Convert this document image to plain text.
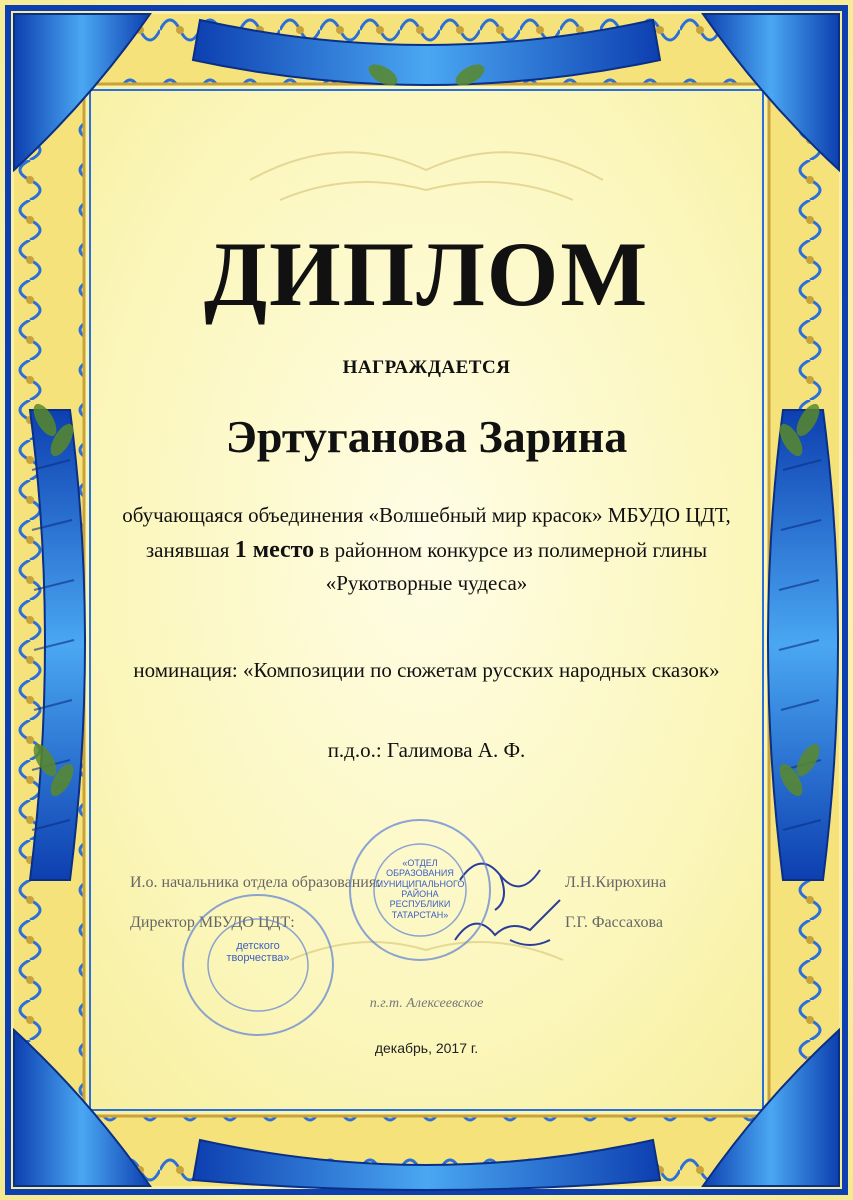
ДИПЛОМ
НАГРАЖДАЕТСЯ
Эртуганова Зарина
обучающаяся объединения «Волшебный мир красок» МБУДО ЦДТ, занявшая 1 место в районном конкурсе из полимерной глины «Рукотворные чудеса»
номинация: «Композиции по сюжетам русских народных сказок»
п.д.о.: Галимова А. Ф.
И.о. начальника отдела образования:	Л.Н.Кирюхина
Директор МБУДО ЦДТ:	Г.Г. Фассахова
детского творчества»
«ОТДЕЛ ОБРАЗОВАНИЯ МУНИЦИПАЛЬНОГО РАЙОНА РЕСПУБЛИКИ ТАТАРСТАН»
п.г.т. Алексеевское
декабрь, 2017 г.
